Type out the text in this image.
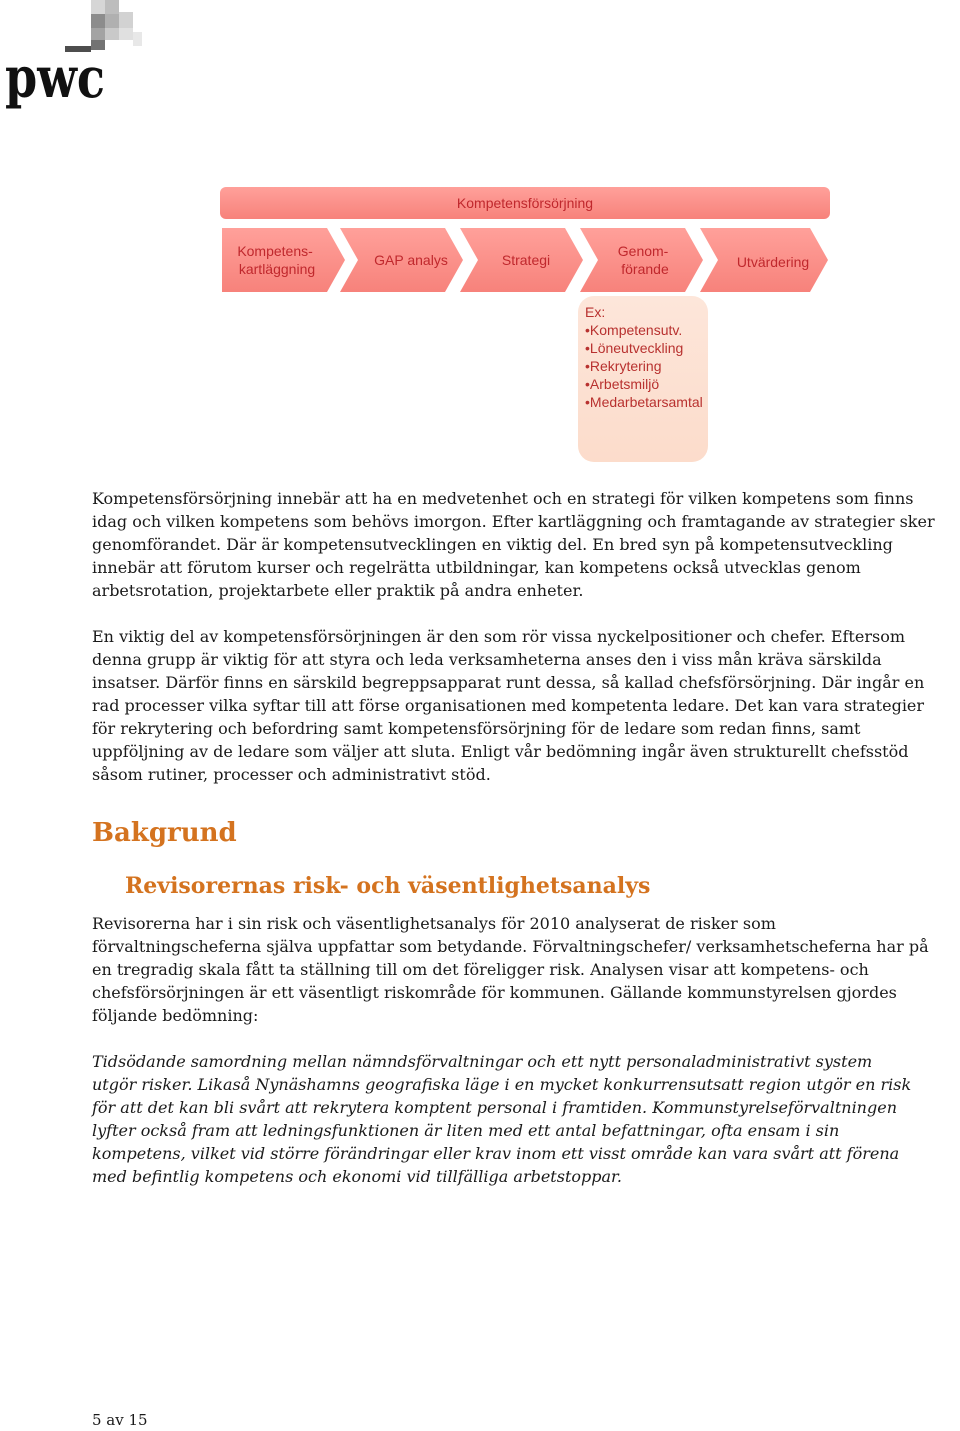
pwc
Kompetensförsörjning
Kompetens- kartläggning
GAP analys	Strategi
Genom- förande	Utvärdering
Ex: •Kompetensutv. •Löneutveckling •Rekrytering •Arbetsmiljö •Medarbetarsamtal
Kompetensförsörjning innebär att ha en medvetenhet och en strategi för vilken kompetens som finns
idag och vilken kompetens som behövs imorgon. Efter kartläggning och framtagande av strategier sker
genomförandet. Där är kompetensutvecklingen en viktig del. En bred syn på kompetensutveckling
innebär att förutom kurser och regelrätta utbildningar, kan kompetens också utvecklas genom
arbetsrotation, projektarbete eller praktik på andra enheter.
En viktig del av kompetensförsörjningen är den som rör vissa nyckelpositioner och chefer. Eftersom
denna grupp är viktig för att styra och leda verksamheterna anses den i viss mån kräva särskilda
insatser. Därför finns en särskild begreppsapparat runt dessa, så kallad chefsförsörjning. Där ingår en
rad processer vilka syftar till att förse organisationen med kompetenta ledare. Det kan vara strategier
för rekrytering och befordring samt kompetensförsörjning för de ledare som redan finns, samt
uppföljning av de ledare som väljer att sluta. Enligt vår bedömning ingår även strukturellt chefsstöd
såsom rutiner, processer och administrativt stöd.
Bakgrund
Revisorernas risk- och väsentlighetsanalys
Revisorerna har i sin risk och väsentlighetsanalys för 2010 analyserat de risker som
förvaltningscheferna själva uppfattar som betydande. Förvaltningschefer/ verksamhetscheferna har på
en tregradig skala fått ta ställning till om det föreligger risk. Analysen visar att kompetens- och
chefsförsörjningen är ett väsentligt riskområde för kommunen. Gällande kommunstyrelsen gjordes
följande bedömning:
Tidsödande samordning mellan nämndsförvaltningar och ett nytt personaladministrativt system
utgör risker. Likaså Nynäshamns geografiska läge i en mycket konkurrensutsatt region utgör en risk
för att det kan bli svårt att rekrytera komptent personal i framtiden. Kommunstyrelseförvaltningen
lyfter också fram att ledningsfunktionen är liten med ett antal befattningar, ofta ensam i sin
kompetens, vilket vid större förändringar eller krav inom ett visst område kan vara svårt att förena
med befintlig kompetens och ekonomi vid tillfälliga arbetstoppar.
5 av 15
